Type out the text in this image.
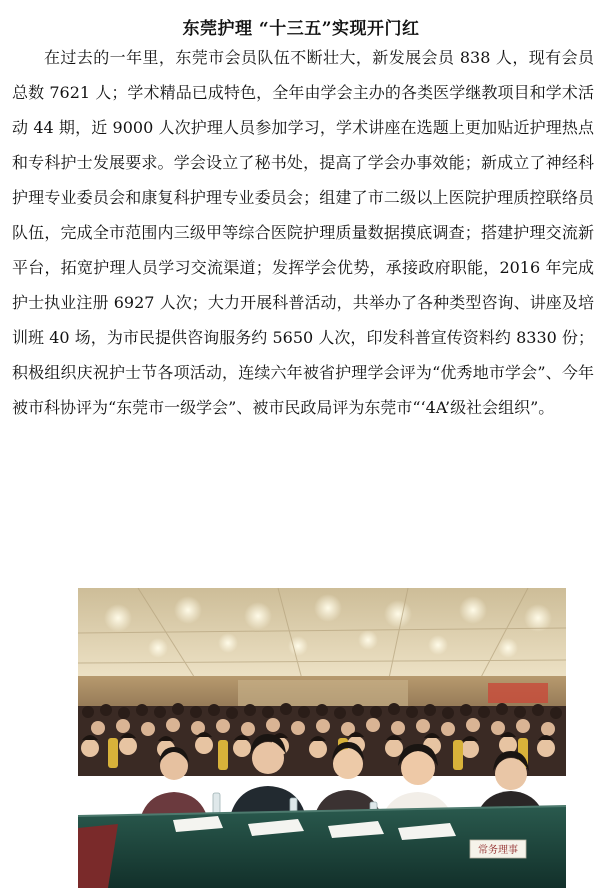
东莞护理 “十三五”实现开门红

在过去的一年里，东莞市会员队伍不断壮大，新发展会员 838 人，现有会员总数 7621 人；学术精品已成特色，全年由学会主办的各类医学继教项目和学术活动 44 期，近 9000 人次护理人员参加学习，学术讲座在选题上更加贴近护理热点和专科护士发展要求。学会设立了秘书处，提高了学会办事效能；新成立了神经科护理专业委员会和康复科护理专业委员会；组建了市二级以上医院护理质控联络员队伍，完成全市范围内三级甲等综合医院护理质量数据摸底调查；搭建护理交流新平台，拓宽护理人员学习交流渠道；发挥学会优势，承接政府职能，2016 年完成护士执业注册 6927 人次；大力开展科普活动，共举办了各种类型咨询、讲座及培训班 40 场，为市民提供咨询服务约 5650 人次，印发科普宣传资料约 8330 份；积极组织庆祝护士节各项活动，连续六年被省护理学会评为“优秀地市学会”、今年被市科协评为“东莞市一级学会”、被市民政局评为东莞市“‘4A’级社会组织”。

常务理事
